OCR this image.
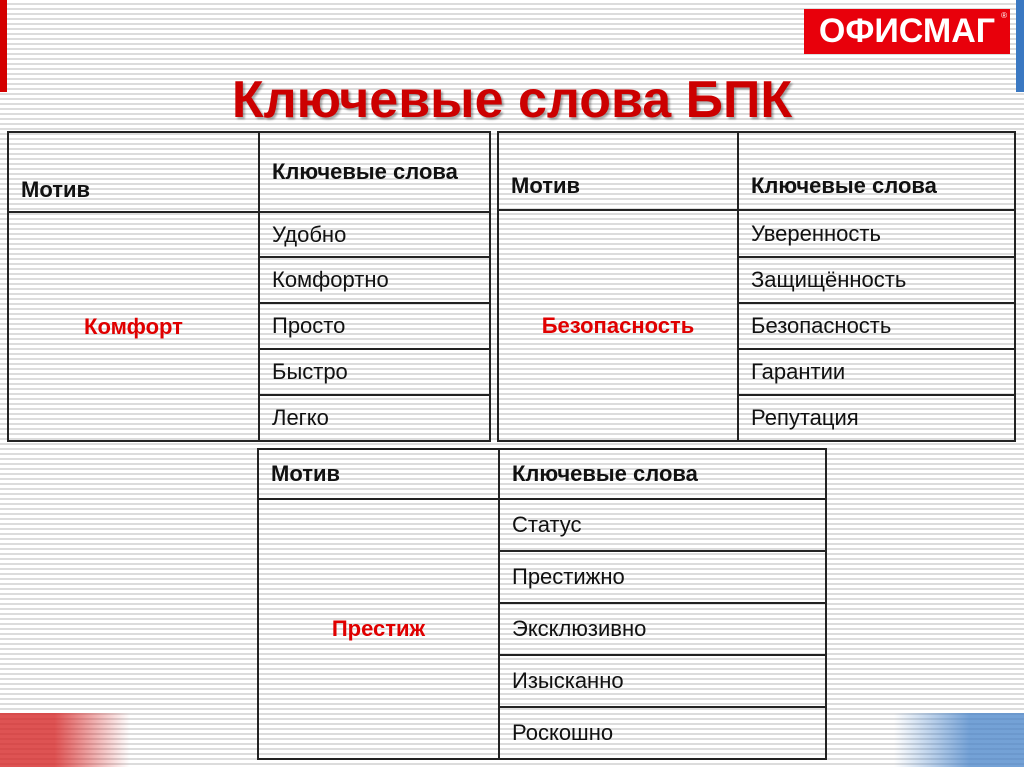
ОФИСМАГ ®
Ключевые слова БПК
Мотив	Ключевые слова
Комфорт	Удобно
	Комфортно
	Просто
	Быстро
	Легко
Мотив	Ключевые слова
Безопасность	Уверенность
	Защищённость
	Безопасность
	Гарантии
	Репутация
Мотив	Ключевые слова
Престиж	Статус
	Престижно
	Эксклюзивно
	Изысканно
	Роскошно
